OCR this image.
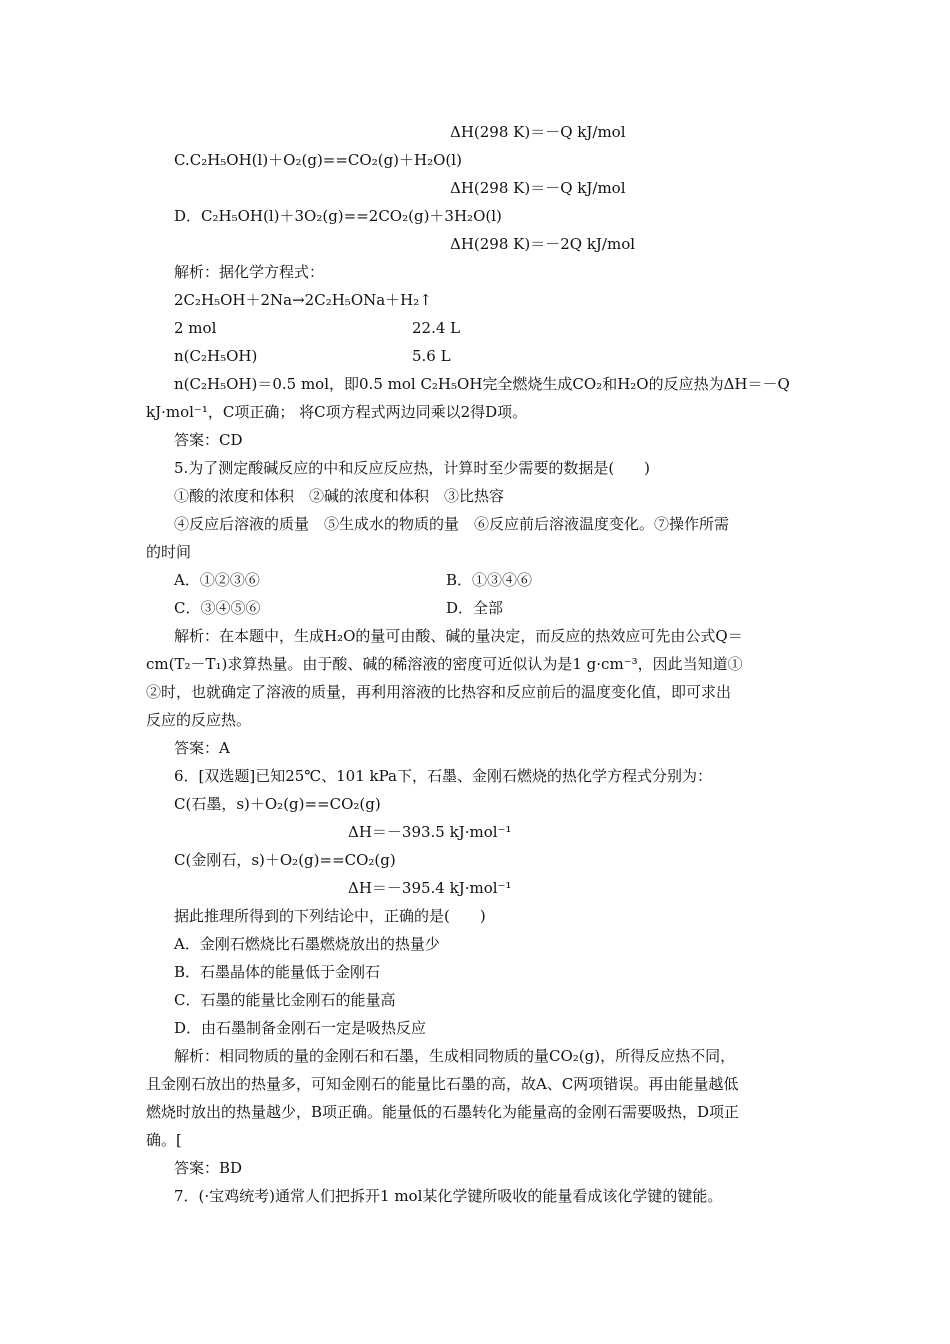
ΔH(298 K)＝－Q kJ/mol
C.C₂H₅OH(l)＋O₂(g)==CO₂(g)＋H₂O(l)
ΔH(298 K)＝－Q kJ/mol
D．C₂H₅OH(l)＋3O₂(g)==2CO₂(g)＋3H₂O(l)
ΔH(298 K)＝－2Q kJ/mol
解析：据化学方程式：
2C₂H₅OH＋2Na→2C₂H₅ONa＋H₂↑
2 mol	22.4 L
n(C₂H₅OH)	5.6 L
n(C₂H₅OH)＝0.5 mol，即0.5 mol C₂H₅OH完全燃烧生成CO₂和H₂O的反应热为ΔH＝－Q
kJ·mol⁻¹，C项正确； 将C项方程式两边同乘以2得D项。
答案：CD
5.为了测定酸碱反应的中和反应反应热，计算时至少需要的数据是(　　)
①酸的浓度和体积　②碱的浓度和体积　③比热容
④反应后溶液的质量　⑤生成水的物质的量　⑥反应前后溶液温度变化。⑦操作所需
的时间
A．①②③⑥	B．①③④⑥
C．③④⑤⑥	D．全部
解析：在本题中，生成H₂O的量可由酸、碱的量决定，而反应的热效应可先由公式Q＝
cm(T₂－T₁)求算热量。由于酸、碱的稀溶液的密度可近似认为是1 g·cm⁻³，因此当知道①
②时，也就确定了溶液的质量，再利用溶液的比热容和反应前后的温度变化值，即可求出
反应的反应热。
答案：A
6．[双选题]已知25℃、101 kPa下，石墨、金刚石燃烧的热化学方程式分别为：
C(石墨，s)＋O₂(g)==CO₂(g)
ΔH＝－393.5 kJ·mol⁻¹
C(金刚石，s)＋O₂(g)==CO₂(g)
ΔH＝－395.4 kJ·mol⁻¹
据此推理所得到的下列结论中，正确的是(　　)
A．金刚石燃烧比石墨燃烧放出的热量少
B．石墨晶体的能量低于金刚石
C．石墨的能量比金刚石的能量高
D．由石墨制备金刚石一定是吸热反应
解析：相同物质的量的金刚石和石墨，生成相同物质的量CO₂(g)，所得反应热不同，
且金刚石放出的热量多，可知金刚石的能量比石墨的高，故A、C两项错误。再由能量越低
燃烧时放出的热量越少，B项正确。能量低的石墨转化为能量高的金刚石需要吸热，D项正
确。[
答案：BD
7．(·宝鸡统考)通常人们把拆开1 mol某化学键所吸收的能量看成该化学键的键能。
